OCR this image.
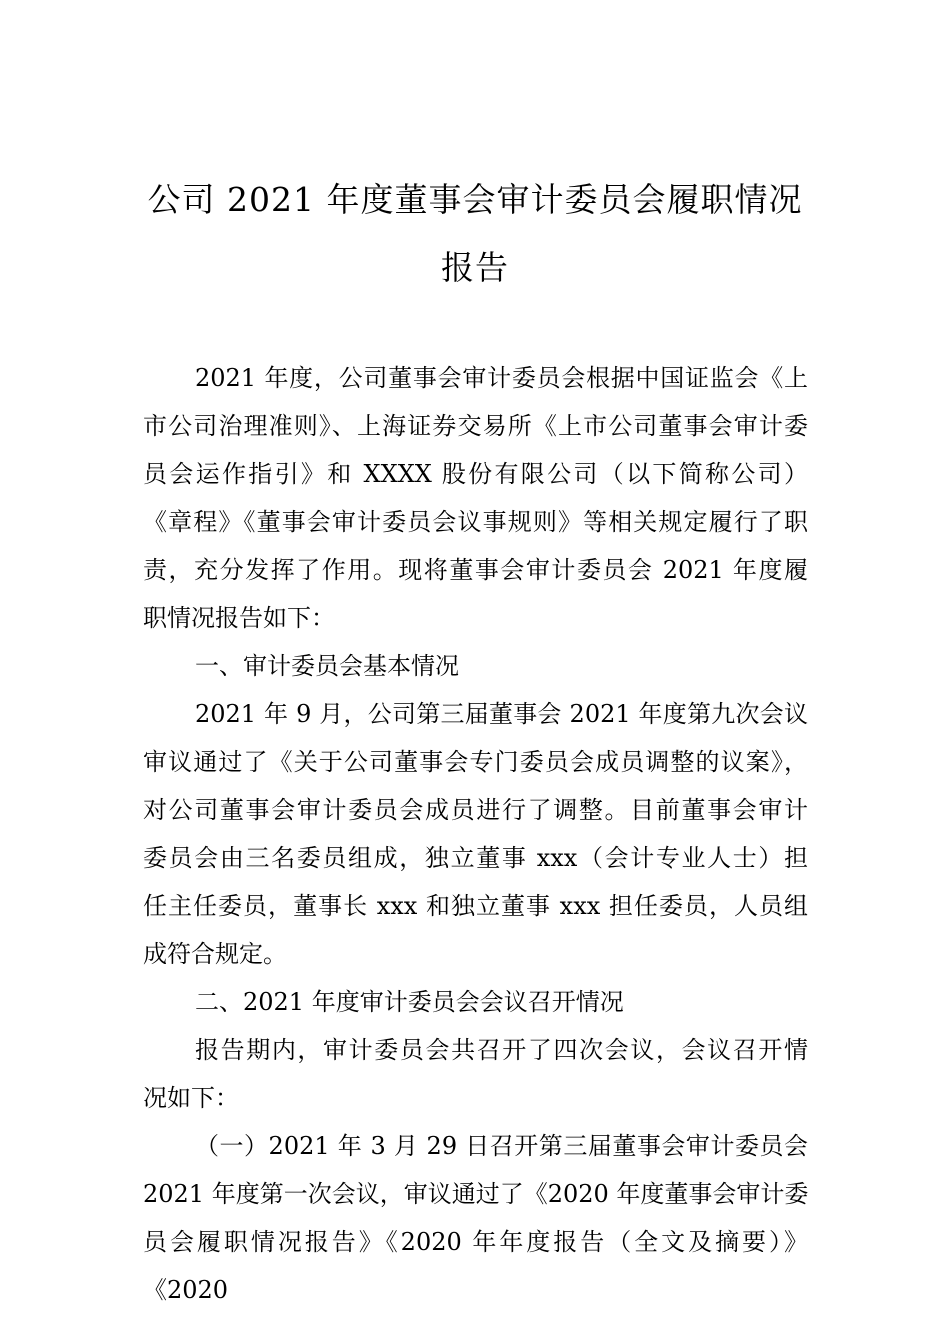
公司 2021 年度董事会审计委员会履职情况
报告
2021 年度，公司董事会审计委员会根据中国证监会《上
市公司治理准则》、上海证券交易所《上市公司董事会审计委
员会运作指引》和 XXXX 股份有限公司（以下简称公司）
《章程》《董事会审计委员会议事规则》等相关规定履行了职
责，充分发挥了作用。现将董事会审计委员会 2021 年度履
职情况报告如下：
一、审计委员会基本情况
2021 年 9 月，公司第三届董事会 2021 年度第九次会议
审议通过了《关于公司董事会专门委员会成员调整的议案》，
对公司董事会审计委员会成员进行了调整。目前董事会审计
委员会由三名委员组成，独立董事 xxx（会计专业人士）担
任主任委员，董事长 xxx 和独立董事 xxx 担任委员，人员组
成符合规定。
二、2021 年度审计委员会会议召开情况
报告期内，审计委员会共召开了四次会议，会议召开情
况如下：
（一）2021 年 3 月 29 日召开第三届董事会审计委员会
2021 年度第一次会议，审议通过了《2020 年度董事会审计委
员会履职情况报告》《2020 年年度报告（全文及摘要）》
《2020
